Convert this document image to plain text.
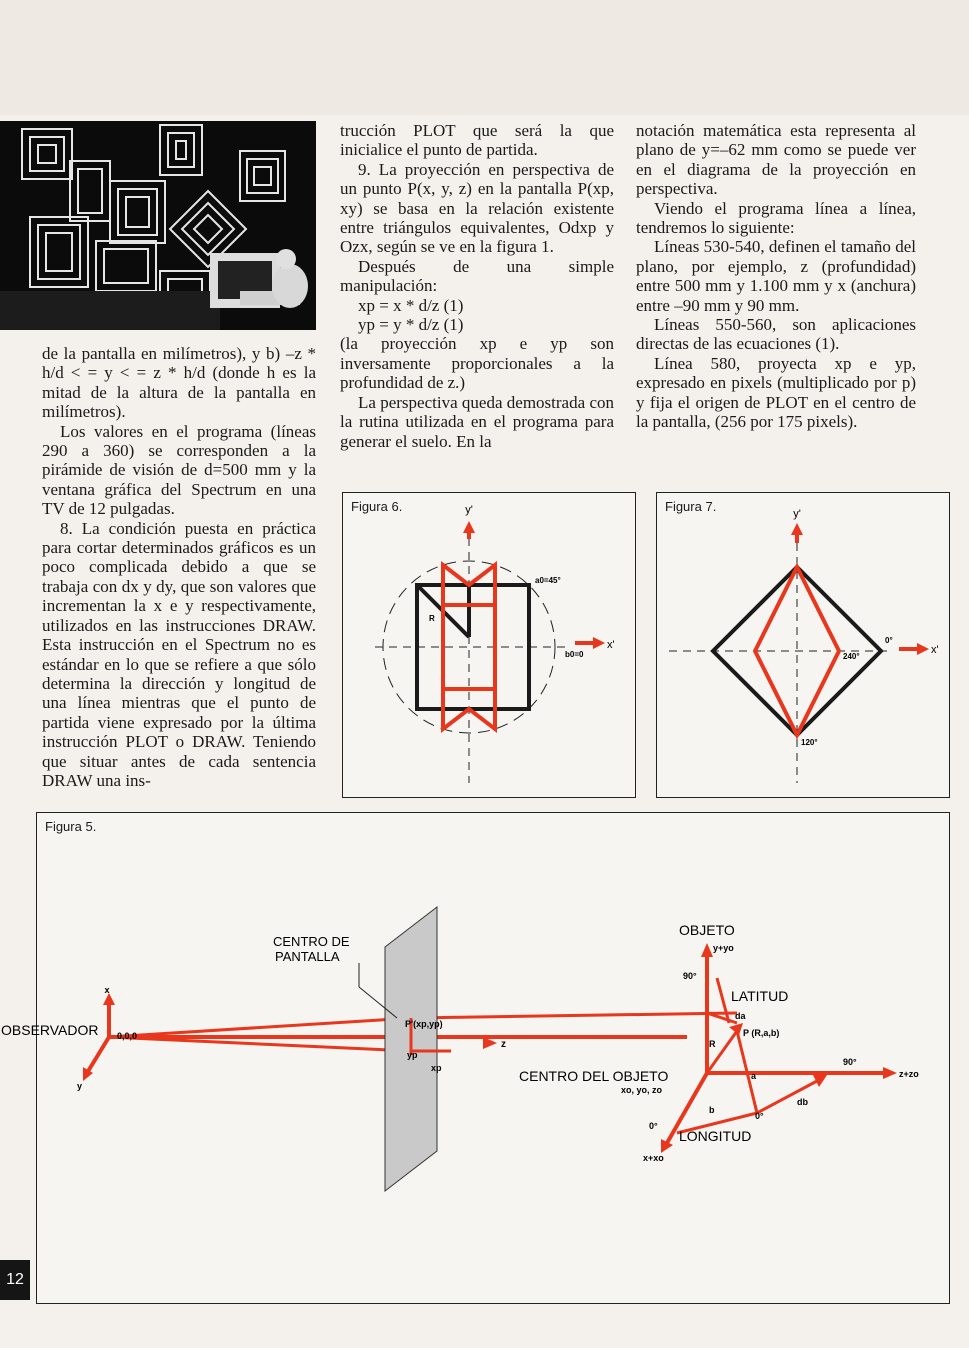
de la pantalla en milímetros), y b) –z * h/d < = y < = z * h/d (donde h es la mitad de la altura de la pantalla en milímetros).

Los valores en el programa (líneas 290 a 360) se corresponden a la pirámide de visión de d=500 mm y la ventana gráfica del Spectrum en una TV de 12 pulgadas.

8. La condición puesta en práctica para cortar determinados gráficos es un poco complicada debido a que se trabaja con dx y dy, que son valores que incrementan la x e y respectivamente, utilizados en las instrucciones DRAW. Esta instrucción en el Spectrum no es estándar en lo que se refiere a que sólo determina la dirección y longitud de una línea mientras que el punto de partida viene expresado por la última instrucción PLOT o DRAW. Teniendo que situar antes de cada sentencia DRAW una ins-

trucción PLOT que será la que inicialice el punto de partida.

9. La proyección en perspectiva de un punto P(x, y, z) en la pantalla P(xp, xy) se basa en la relación existente entre triángulos equivalentes, Odxp y Ozx, según se ve en la figura 1.

Después de una simple manipulación:

xp = x * d/z (1)

yp = y * d/z (1)

(la proyección xp e yp son inversamente proporcionales a la profundidad de z.)

La perspectiva queda demostrada con la rutina utilizada en el programa para generar el suelo. En la

notación matemática esta representa al plano de y=–62 mm como se puede ver en el diagrama de la proyección en perspectiva.

Viendo el programa línea a línea, tendremos lo siguiente:

Líneas 530-540, definen el tamaño del plano, por ejemplo, z (profundidad) entre 500 mm y 1.100 mm y x (anchura) entre –90 mm y 90 mm.

Líneas 550-560, son aplicaciones directas de las ecuaciones (1).

Línea 580, proyecta xp e yp, expresado en pixels (multiplicado por p) y fija el origen de PLOT en el centro de la pantalla, (256 por 175 pixels).

Figura 6.	y'
x'
a0=45°
b0=0
R
Figura 7.	y'
x'
0°
240°
120°
Figura 5.
OBSERVADOR 0,0,0
x
y
z
CENTRO DE
PANTALLA
P'(xp,yp)
yp
xp
OBJETO
y+yo
90°
LATITUD
da
P (R,a,b)
R
90°
z+zo
CENTRO DEL OBJETO
xo, yo, zo
a
db
b
0°
0°
LONGITUD
x+xo
12
